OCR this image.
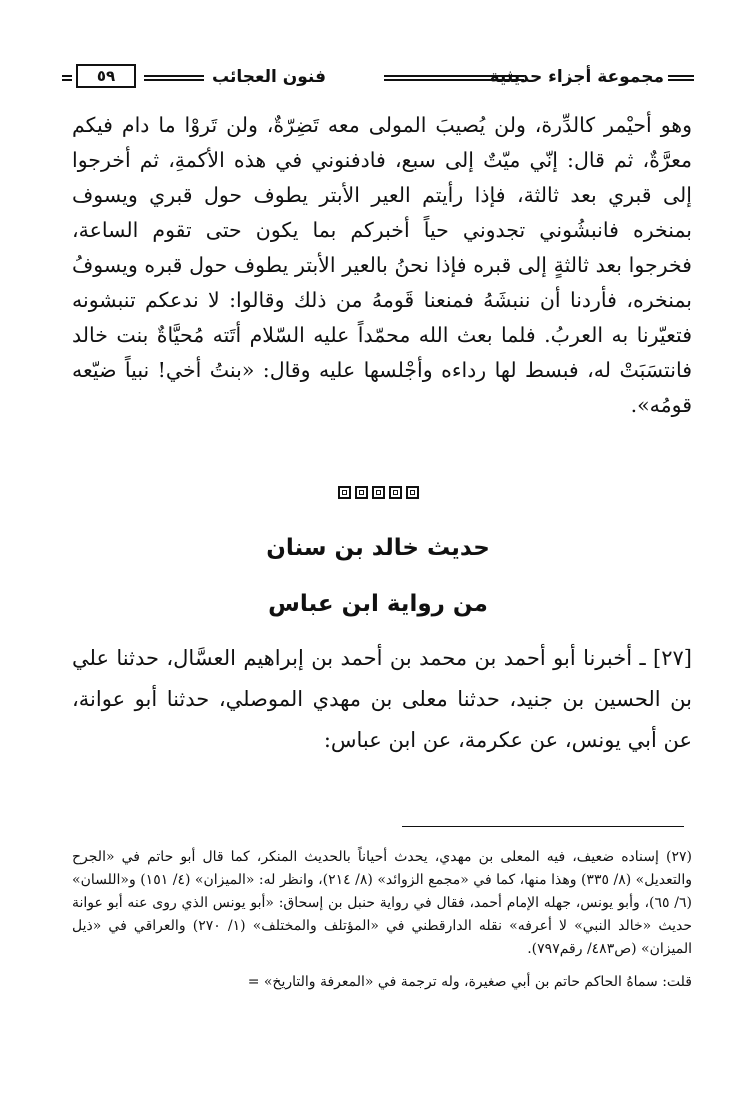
مجموعة أجزاء حديثية
فنون العجائب
٥٩

وهو أحيْمر كالدِّرة، ولن يُصيبَ المولى معه تَضِرّةٌ، ولن تَروْا ما دام فيكم معرَّةٌ، ثم قال: إنّي ميّتٌ إلى سبع، فادفنوني في هذه الأكمةِ، ثم أخرجوا إلى قبري بعد ثالثة، فإذا رأيتم العير الأبتر يطوف حول قبري ويسوف بمنخره فانبشُوني تجدوني حياً أخبركم بما يكون حتى تقوم الساعة، فخرجوا بعد ثالثةٍ إلى قبره فإذا نحنُ بالعير الأبتر يطوف حول قبره ويسوفُ بمنخره، فأردنا أن ننبشَهُ فمنعنا قَومهُ من ذلك وقالوا: لا ندعكم تنبشونه فتعيّرنا به العربُ. فلما بعث الله محمّداً عليه السّلام أتَته مُحيَّاةٌ بنت خالد فانتسَبَتْ له، فبسط لها رداءه وأجْلسها عليه وقال: «بنتُ أخي! نبياً ضيّعه قومُه».

حديث خالد بن سنان
من رواية ابن عباس

[٢٧] ـ أخبرنا أبو أحمد بن محمد بن أحمد بن إبراهيم العسَّال، حدثنا علي بن الحسين بن جنيد، حدثنا معلى بن مهدي الموصلي، حدثنا أبو عوانة، عن أبي يونس، عن عكرمة، عن ابن عباس:

(٢٧) إسناده ضعيف، فيه المعلى بن مهدي، يحدث أحياناً بالحديث المنكر، كما قال أبو حاتم في «الجرح والتعديل» (٨/ ٣٣٥) وهذا منها، كما في «مجمع الزوائد» (٨/ ٢١٤)، وانظر له: «الميزان» (٤/ ١٥١) و«اللسان» (٦/ ٦٥)، وأبو يونس، جهله الإمام أحمد، فقال في رواية حنبل بن إسحاق: «أبو يونس الذي روى عنه أبو عوانة حديث «خالد النبي» لا أعرفه» نقله الدارقطني في «المؤتلف والمختلف» (١/ ٢٧٠) والعراقي في «ذيل الميزان» (ص٤٨٣/ رقم٧٩٧).

قلت: سماهُ الحاكم حاتم بن أبي صغيرة، وله ترجمة في «المعرفة والتاريخ» =
